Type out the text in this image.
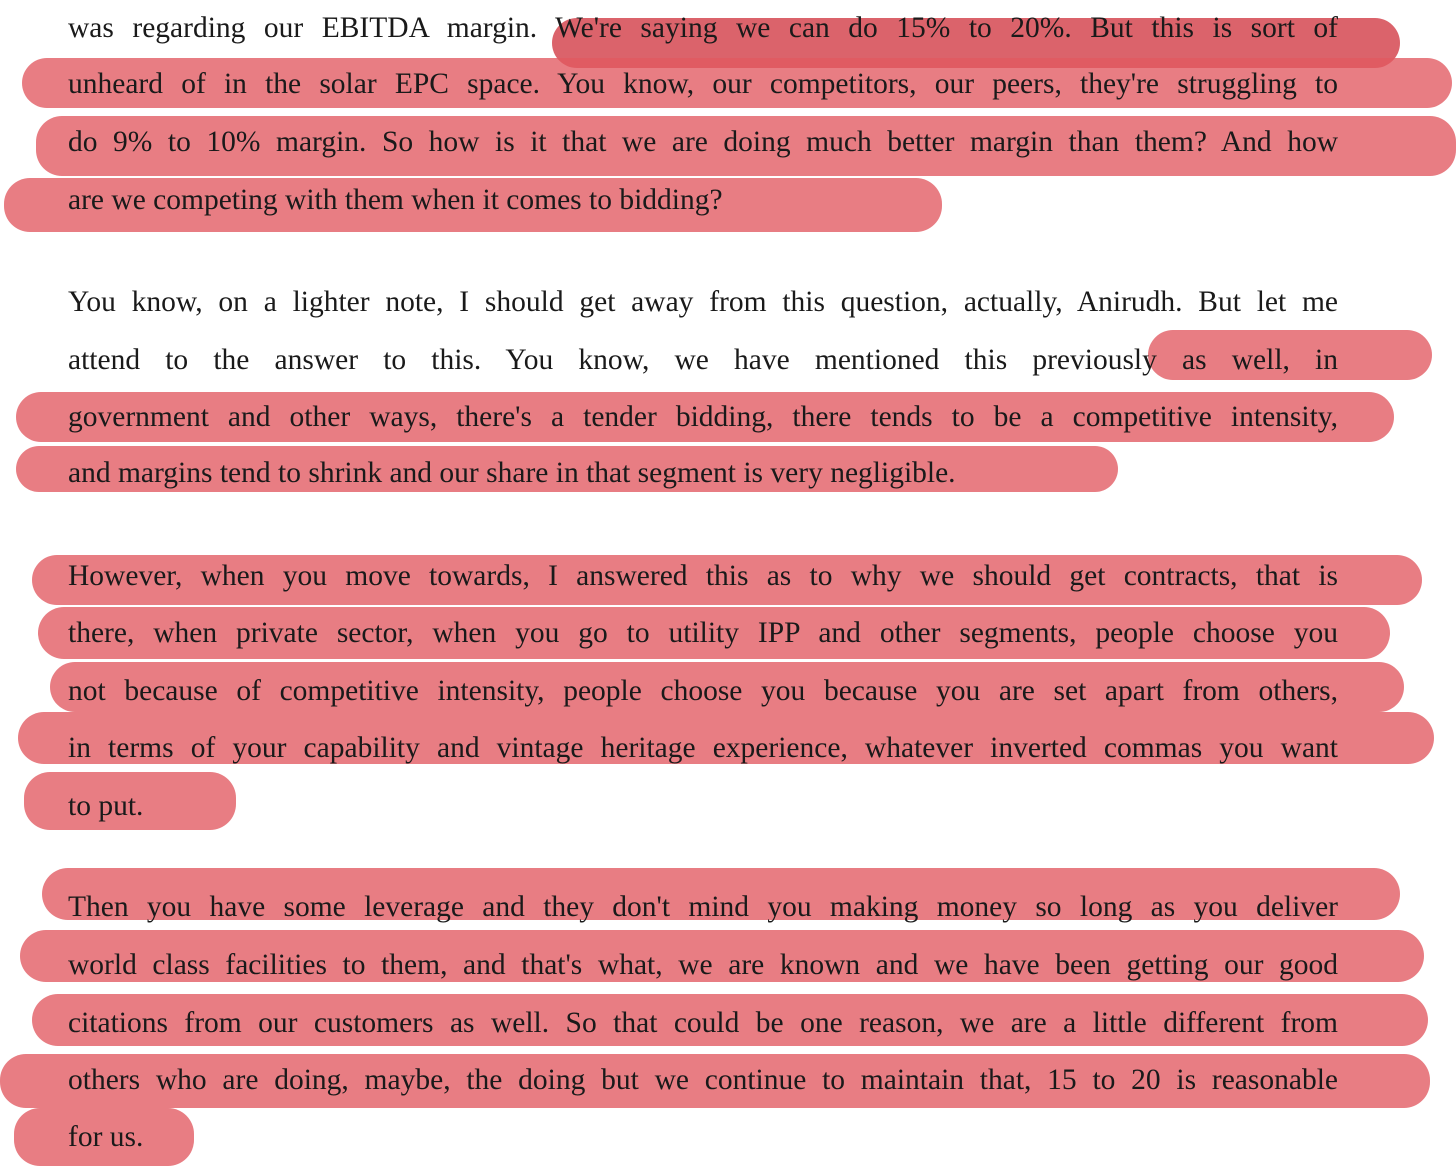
was regarding our EBITDA margin. We're saying we can do 15% to 20%. But this is sort of
unheard of in the solar EPC space. You know, our competitors, our peers, they're struggling to
do 9% to 10% margin. So how is it that we are doing much better margin than them? And how
are we competing with them when it comes to bidding?
You know, on a lighter note, I should get away from this question, actually, Anirudh. But let me
attend to the answer to this. You know, we have mentioned this previously as well, in
government and other ways, there's a tender bidding, there tends to be a competitive intensity,
and margins tend to shrink and our share in that segment is very negligible.
However, when you move towards, I answered this as to why we should get contracts, that is
there, when private sector, when you go to utility IPP and other segments, people choose you
not because of competitive intensity, people choose you because you are set apart from others,
in terms of your capability and vintage heritage experience, whatever inverted commas you want
to put.
Then you have some leverage and they don't mind you making money so long as you deliver
world class facilities to them, and that's what, we are known and we have been getting our good
citations from our customers as well. So that could be one reason, we are a little different from
others who are doing, maybe, the doing but we continue to maintain that, 15 to 20 is reasonable
for us.
